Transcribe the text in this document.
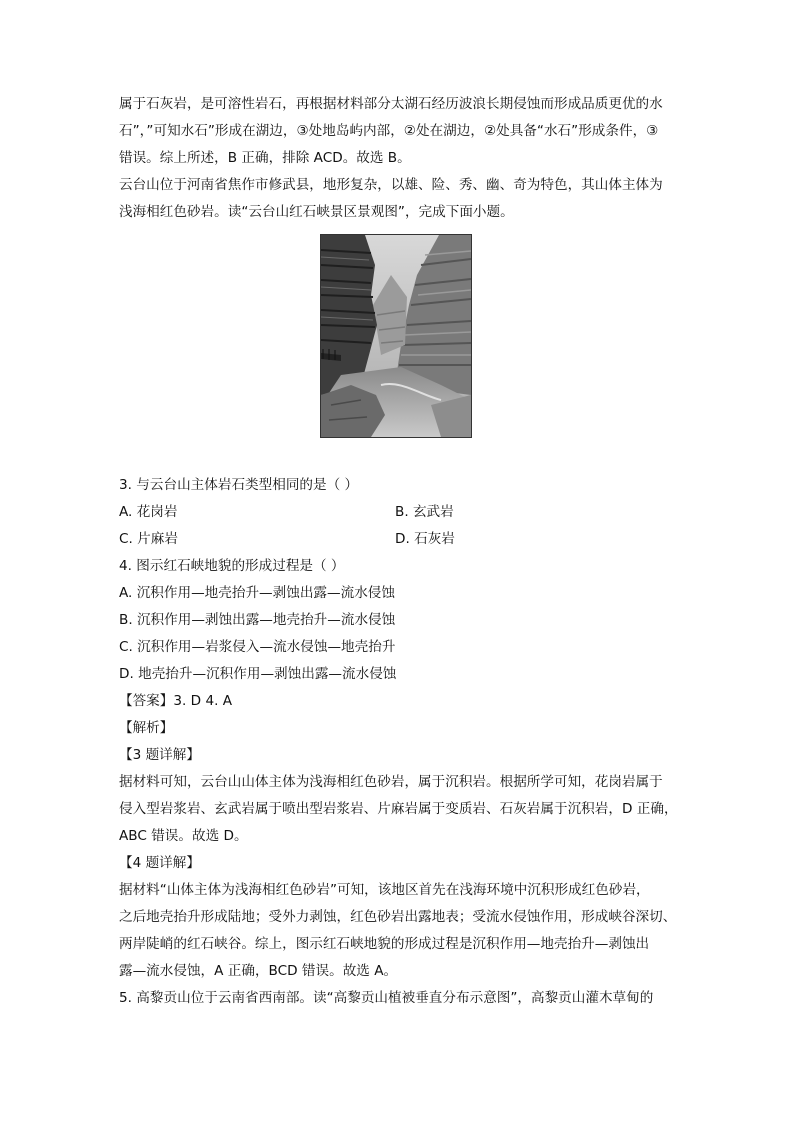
属于石灰岩，是可溶性岩石，再根据材料部分太湖石经历波浪长期侵蚀而形成品质更优的水
石”，”可知水石”形成在湖边，③处地岛屿内部，②处在湖边，②处具备“水石”形成条件，③
错误。综上所述，B 正确，排除 ACD。故选 B。
云台山位于河南省焦作市修武县，地形复杂，以雄、险、秀、幽、奇为特色，其山体主体为
浅海相红色砂岩。读“云台山红石峡景区景观图”，完成下面小题。
3. 与云台山主体岩石类型相同的是（ ）
A. 花岗岩	B. 玄武岩
C. 片麻岩	D. 石灰岩
4. 图示红石峡地貌的形成过程是（ ）
A. 沉积作用—地壳抬升—剥蚀出露—流水侵蚀
B. 沉积作用—剥蚀出露—地壳抬升—流水侵蚀
C. 沉积作用—岩浆侵入—流水侵蚀—地壳抬升
D. 地壳抬升—沉积作用—剥蚀出露—流水侵蚀
【答案】3. D 4. A
【解析】
【3 题详解】
据材料可知，云台山山体主体为浅海相红色砂岩，属于沉积岩。根据所学可知，花岗岩属于
侵入型岩浆岩、玄武岩属于喷出型岩浆岩、片麻岩属于变质岩、石灰岩属于沉积岩，D 正确，
ABC 错误。故选 D。
【4 题详解】
据材料“山体主体为浅海相红色砂岩”可知，该地区首先在浅海环境中沉积形成红色砂岩，
之后地壳抬升形成陆地；受外力剥蚀，红色砂岩出露地表；受流水侵蚀作用，形成峡谷深切、
两岸陡峭的红石峡谷。综上，图示红石峡地貌的形成过程是沉积作用—地壳抬升—剥蚀出
露—流水侵蚀，A 正确，BCD 错误。故选 A。
5. 高黎贡山位于云南省西南部。读“高黎贡山植被垂直分布示意图”，高黎贡山灌木草甸的
